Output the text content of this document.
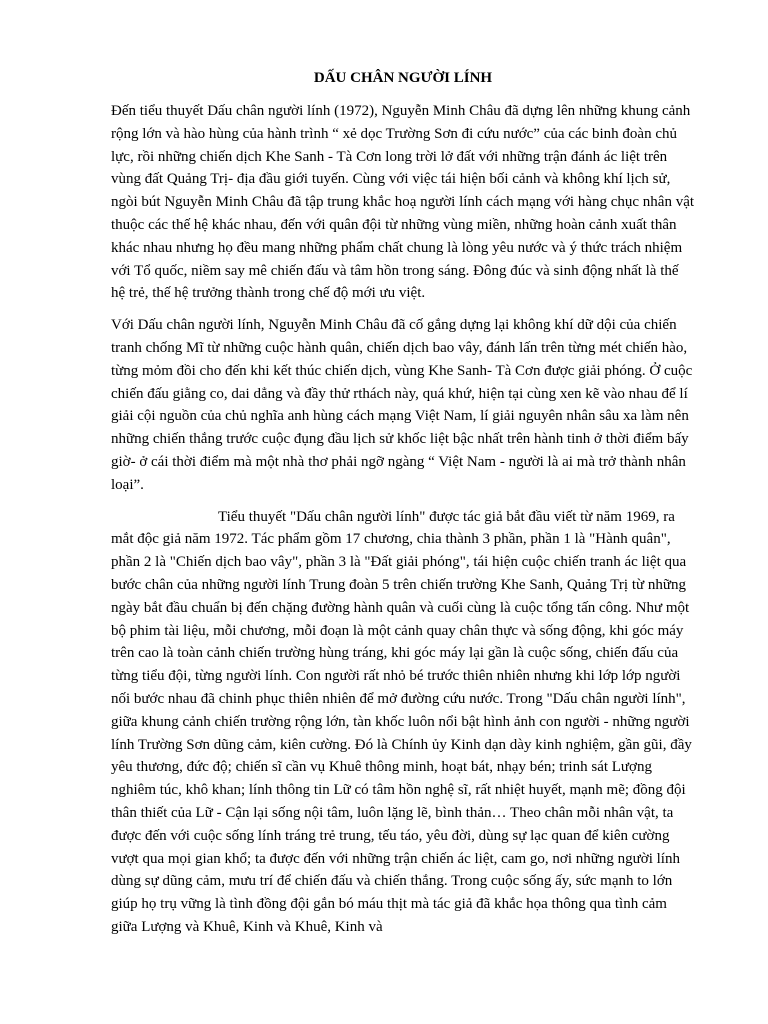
DẤU CHÂN NGƯỜI LÍNH

Đến tiểu thuyết Dấu chân người lính (1972), Nguyễn Minh Châu đã dựng lên những khung cảnh rộng lớn và hào hùng của hành trình “ xẻ dọc Trường Sơn đi cứu nước” của các binh đoàn chủ lực, rồi những chiến dịch Khe Sanh - Tà Cơn long trời lở đất với những trận đánh ác liệt trên vùng đất Quảng Trị- địa đầu giới tuyến. Cùng với việc tái hiện bối cảnh và không khí lịch sử, ngòi bút Nguyễn Minh Châu đã tập trung khắc hoạ người lính cách mạng với hàng chục nhân vật thuộc các thế hệ khác nhau, đến với quân đội từ những vùng miền, những hoàn cảnh xuất thân khác nhau nhưng họ đều mang những phẩm chất chung là lòng yêu nước và ý thức trách nhiệm với Tổ quốc, niềm say mê chiến đấu và tâm hồn trong sáng. Đông đúc và sinh động nhất là thế hệ trẻ, thế hệ trưởng thành trong chế độ mới ưu việt.

Với Dấu chân người lính, Nguyễn Minh Châu đã cố gắng dựng lại không khí dữ dội của chiến tranh chống Mĩ từ những cuộc hành quân, chiến dịch bao vây, đánh lấn trên từng mét chiến hào, từng mỏm đồi cho đến khi kết thúc chiến dịch, vùng Khe Sanh- Tà Cơn được giải phóng. Ở cuộc chiến đấu giằng co, dai dẳng và đầy thử rthách này, quá khứ, hiện tại cùng xen kẽ vào nhau để lí giải cội nguồn của chủ nghĩa anh hùng cách mạng Việt Nam, lí giải nguyên nhân sâu xa làm nên những chiến thắng trước cuộc đụng đầu lịch sử khốc liệt bậc nhất trên hành tinh ở thời điểm bấy giờ- ở cái thời điểm mà một nhà thơ phải ngỡ ngàng “ Việt Nam - người là ai mà trở thành nhân loại”.

Tiểu thuyết "Dấu chân người lính" được tác giả bắt đầu viết từ năm 1969, ra mắt độc giả năm 1972. Tác phẩm gồm 17 chương, chia thành 3 phần, phần 1 là "Hành quân", phần 2 là "Chiến dịch bao vây", phần 3 là "Đất giải phóng", tái hiện cuộc chiến tranh ác liệt qua bước chân của những người lính Trung đoàn 5 trên chiến trường Khe Sanh, Quảng Trị từ những ngày bắt đầu chuẩn bị đến chặng đường hành quân và cuối cùng là cuộc tổng tấn công. Như một bộ phim tài liệu, mỗi chương, mỗi đoạn là một cảnh quay chân thực và sống động, khi góc máy trên cao là toàn cảnh chiến trường hùng tráng, khi góc máy lại gần là cuộc sống, chiến đấu của từng tiểu đội, từng người lính. Con người rất nhỏ bé trước thiên nhiên nhưng khi lớp lớp người nối bước nhau đã chinh phục thiên nhiên để mở đường cứu nước. Trong "Dấu chân người lính", giữa khung cảnh chiến trường rộng lớn, tàn khốc luôn nổi bật hình ảnh con người - những người lính Trường Sơn dũng cảm, kiên cường. Đó là Chính ủy Kinh dạn dày kinh nghiệm, gần gũi, đầy yêu thương, đức độ; chiến sĩ cần vụ Khuê thông minh, hoạt bát, nhạy bén; trinh sát Lượng nghiêm túc, khô khan; lính thông tin Lữ có tâm hồn nghệ sĩ, rất nhiệt huyết, mạnh mẽ; đồng đội thân thiết của Lữ - Cận lại sống nội tâm, luôn lặng lẽ, bình thản… Theo chân mỗi nhân vật, ta được đến với cuộc sống lính tráng trẻ trung, tếu táo, yêu đời, dùng sự lạc quan để kiên cường vượt qua mọi gian khổ; ta được đến với những trận chiến ác liệt, cam go, nơi những người lính dùng sự dũng cảm, mưu trí để chiến đấu và chiến thắng. Trong cuộc sống ấy, sức mạnh to lớn giúp họ trụ vững là tình đồng đội gắn bó máu thịt mà tác giả đã khắc họa thông qua tình cảm giữa Lượng và Khuê, Kinh và Khuê, Kinh và
